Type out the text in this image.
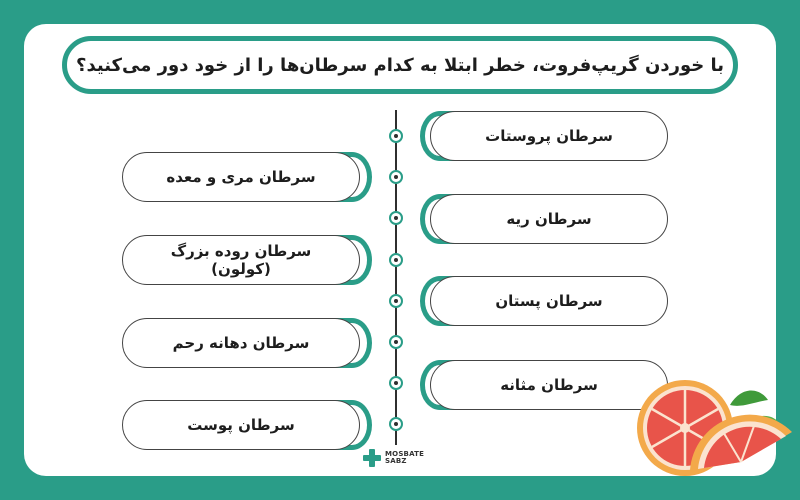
با خوردن گریپ‌فروت، خطر ابتلا به کدام سرطان‌ها را از خود دور می‌کنید؟
سرطان پروستات
سرطان ریه
سرطان پستان
سرطان مثانه
سرطان مری و معده
سرطان روده بزرگ (کولون)
سرطان دهانه رحم
سرطان پوست
MOSBATE
SABZ
